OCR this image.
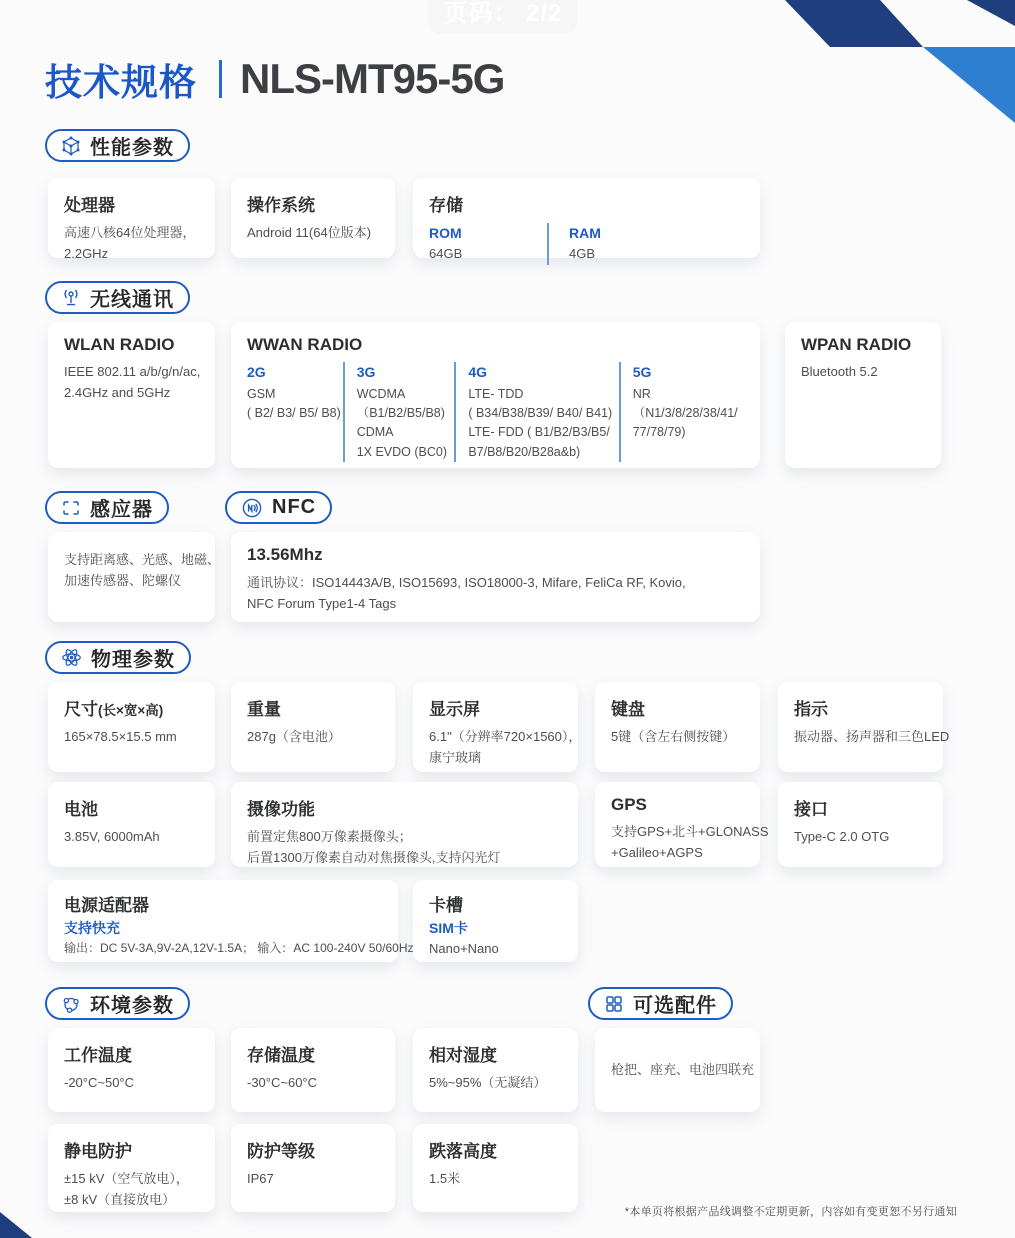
页码： 2/2
技术规格 NLS-MT95-5G
性能参数
处理器
高速八核64位处理器，
2.2GHz
操作系统
Android 11(64位版本)
存储
ROM
64GB
RAM
4GB
无线通讯
WLAN RADIO
IEEE 802.11 a/b/g/n/ac,
2.4GHz and 5GHz
WWAN RADIO
2G
GSM
( B2/ B3/ B5/ B8)
3G
WCDMA
（B1/B2/B5/B8)
CDMA
1X EVDO (BC0)
4G
LTE- TDD
( B34/B38/B39/ B40/ B41)
LTE- FDD ( B1/B2/B3/B5/
B7/B8/B20/B28a&b)
5G
NR
（N1/3/8/28/38/41/
77/78/79)
WPAN RADIO
Bluetooth 5.2
感应器	NFC
支持距离感、光感、地磁、
加速传感器、陀螺仪
13.56Mhz
通讯协议：ISO14443A/B, ISO15693, ISO18000-3, Mifare, FeliCa RF, Kovio,
NFC Forum Type1-4 Tags
物理参数
尺寸(长×宽×高)
165×78.5×15.5 mm
重量
287g（含电池）
显示屏
6.1"（分辨率720×1560），
康宁玻璃
键盘
5键（含左右侧按键）
指示
振动器、扬声器和三色LED
电池
3.85V, 6000mAh
摄像功能
前置定焦800万像素摄像头；
后置1300万像素自动对焦摄像头,支持闪光灯
GPS
支持GPS+北斗+GLONASS
+Galileo+AGPS
接口
Type-C 2.0 OTG
电源适配器
支持快充
输出：DC 5V-3A,9V-2A,12V-1.5A； 输入：AC 100-240V 50/60Hz
卡槽
SIM卡
Nano+Nano
环境参数	可选配件
工作温度
-20°C~50°C
存储温度
-30°C~60°C
相对湿度
5%~95%（无凝结）
枪把、座充、电池四联充
静电防护
±15 kV（空气放电），
±8 kV（直接放电）
防护等级
IP67
跌落高度
1.5米
*本单页将根据产品线调整不定期更新，内容如有变更恕不另行通知
